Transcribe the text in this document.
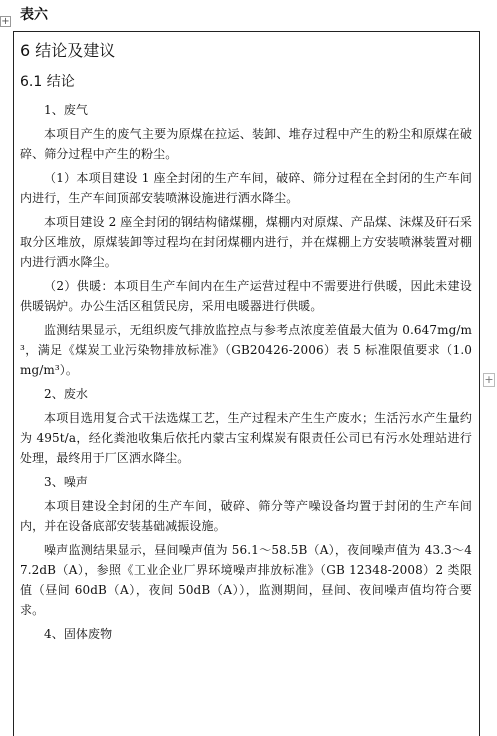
表六
+
+
6 结论及建议
6.1 结论
1、废气
本项目产生的废气主要为原煤在拉运、装卸、堆存过程中产生的粉尘和原煤在破碎、筛分过程中产生的粉尘。
（1）本项目建设 1 座全封闭的生产车间，破碎、筛分过程在全封闭的生产车间内进行，生产车间顶部安装喷淋设施进行洒水降尘。
本项目建设 2 座全封闭的钢结构储煤棚，煤棚内对原煤、产品煤、沫煤及矸石采取分区堆放，原煤装卸等过程均在封闭煤棚内进行，并在煤棚上方安装喷淋装置对棚内进行洒水降尘。
（2）供暖：本项目生产车间内在生产运营过程中不需要进行供暖，因此未建设供暖锅炉。办公生活区租赁民房，采用电暖器进行供暖。
监测结果显示，无组织废气排放监控点与参考点浓度差值最大值为 0.647mg/m³，满足《煤炭工业污染物排放标准》（GB20426-2006）表 5 标准限值要求（1.0mg/m³）。
2、废水
本项目选用复合式干法选煤工艺，生产过程未产生生产废水；生活污水产生量约为 495t/a，经化粪池收集后依托内蒙古宝利煤炭有限责任公司已有污水处理站进行处理，最终用于厂区洒水降尘。
3、噪声
本项目建设全封闭的生产车间，破碎、筛分等产噪设备均置于封闭的生产车间内，并在设备底部安装基础减振设施。
噪声监测结果显示，昼间噪声值为 56.1～58.5B（A），夜间噪声值为 43.3～47.2dB（A），参照《工业企业厂界环境噪声排放标准》（GB 12348-2008）2 类限值（昼间 60dB（A），夜间 50dB（A）），监测期间，昼间、夜间噪声值均符合要求。
4、固体废物
